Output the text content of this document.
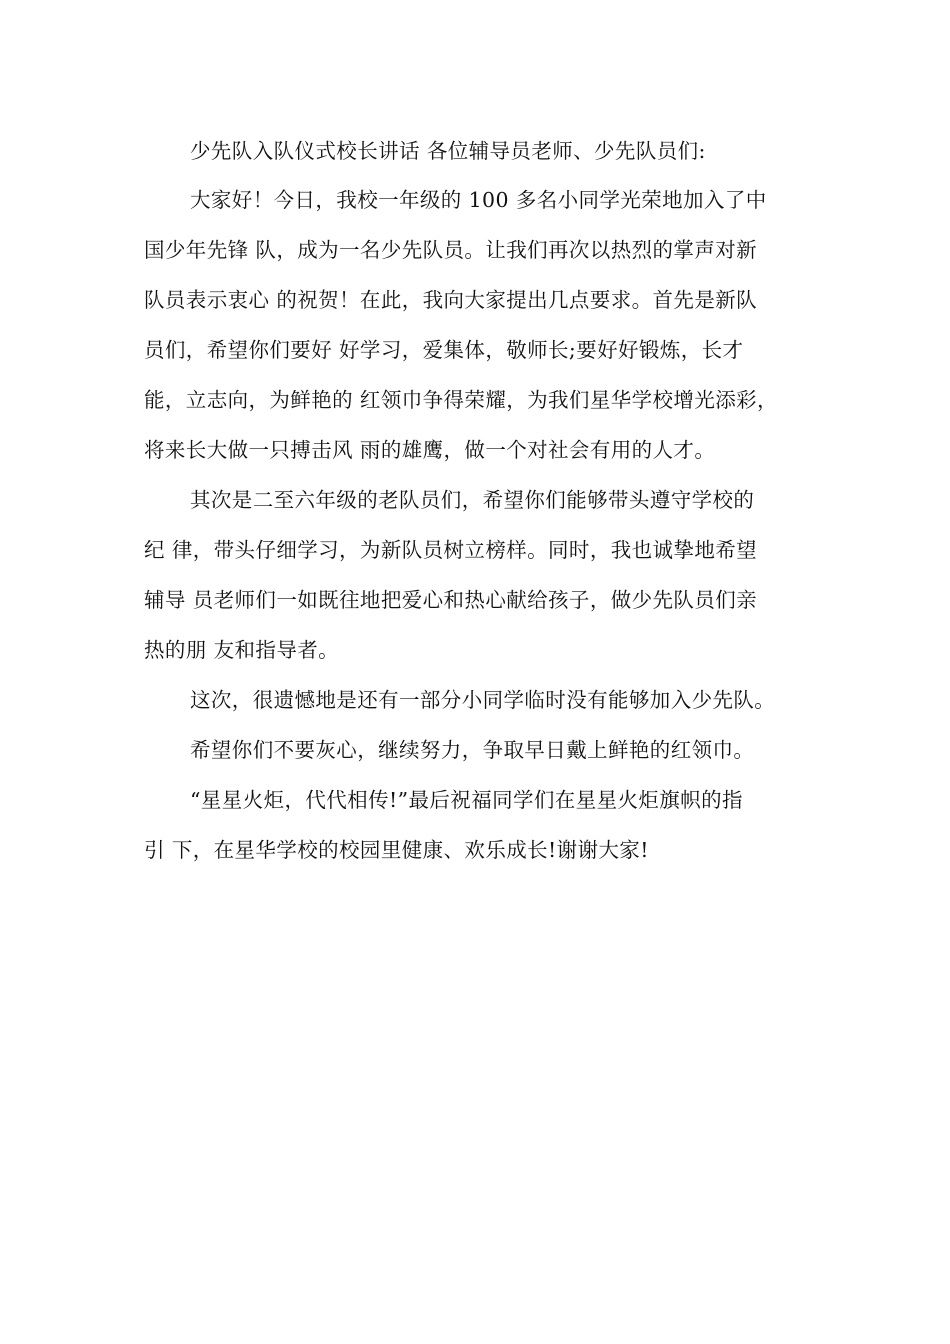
少先队入队仪式校长讲话 各位辅导员老师、少先队员们:
大家好！今日，我校一年级的 100 多名小同学光荣地加入了中
国少年先锋 队，成为一名少先队员。让我们再次以热烈的掌声对新
队员表示衷心 的祝贺！在此，我向大家提出几点要求。首先是新队
员们，希望你们要好 好学习，爱集体，敬师长;要好好锻炼，长才
能，立志向，为鲜艳的 红领巾争得荣耀，为我们星华学校增光添彩，
将来长大做一只搏击风 雨的雄鹰，做一个对社会有用的人才。
其次是二至六年级的老队员们，希望你们能够带头遵守学校的
纪 律，带头仔细学习，为新队员树立榜样。同时，我也诚挚地希望
辅导 员老师们一如既往地把爱心和热心献给孩子，做少先队员们亲
热的朋 友和指导者。
这次，很遗憾地是还有一部分小同学临时没有能够加入少先队。
希望你们不要灰心，继续努力，争取早日戴上鲜艳的红领巾。
“星星火炬，代代相传!”最后祝福同学们在星星火炬旗帜的指
引 下，在星华学校的校园里健康、欢乐成长!谢谢大家!
